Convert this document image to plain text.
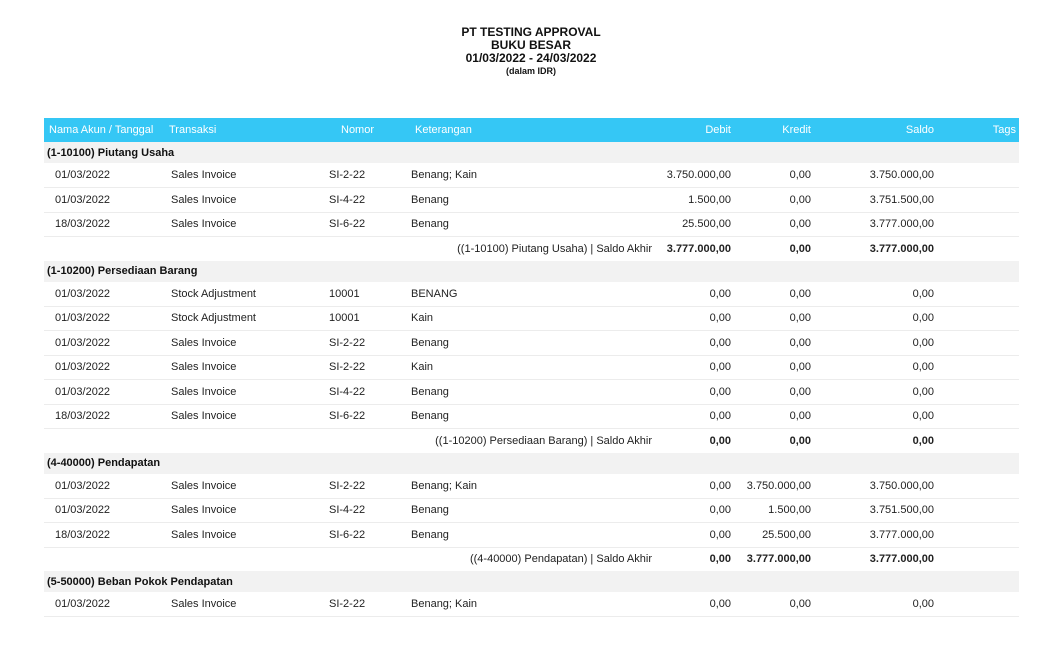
PT TESTING APPROVAL
BUKU BESAR
01/03/2022 - 24/03/2022
(dalam IDR)
Nama Akun / Tanggal	Transaksi	Nomor	Keterangan	Debit	Kredit	Saldo	Tags
(1-10100) Piutang Usaha							
01/03/2022	Sales Invoice	SI-2-22	Benang; Kain	3.750.000,00	0,00	3.750.000,00	
01/03/2022	Sales Invoice	SI-4-22	Benang	1.500,00	0,00	3.751.500,00	
18/03/2022	Sales Invoice	SI-6-22	Benang	25.500,00	0,00	3.777.000,00	
((1-10100) Piutang Usaha) | Saldo Akhir				3.777.000,00	0,00	3.777.000,00	
(1-10200) Persediaan Barang							
01/03/2022	Stock Adjustment	10001	BENANG	0,00	0,00	0,00	
01/03/2022	Stock Adjustment	10001	Kain	0,00	0,00	0,00	
01/03/2022	Sales Invoice	SI-2-22	Benang	0,00	0,00	0,00	
01/03/2022	Sales Invoice	SI-2-22	Kain	0,00	0,00	0,00	
01/03/2022	Sales Invoice	SI-4-22	Benang	0,00	0,00	0,00	
18/03/2022	Sales Invoice	SI-6-22	Benang	0,00	0,00	0,00	
((1-10200) Persediaan Barang) | Saldo Akhir				0,00	0,00	0,00	
(4-40000) Pendapatan							
01/03/2022	Sales Invoice	SI-2-22	Benang; Kain	0,00	3.750.000,00	3.750.000,00	
01/03/2022	Sales Invoice	SI-4-22	Benang	0,00	1.500,00	3.751.500,00	
18/03/2022	Sales Invoice	SI-6-22	Benang	0,00	25.500,00	3.777.000,00	
((4-40000) Pendapatan) | Saldo Akhir				0,00	3.777.000,00	3.777.000,00	
(5-50000) Beban Pokok Pendapatan							
01/03/2022	Sales Invoice	SI-2-22	Benang; Kain	0,00	0,00	0,00	
